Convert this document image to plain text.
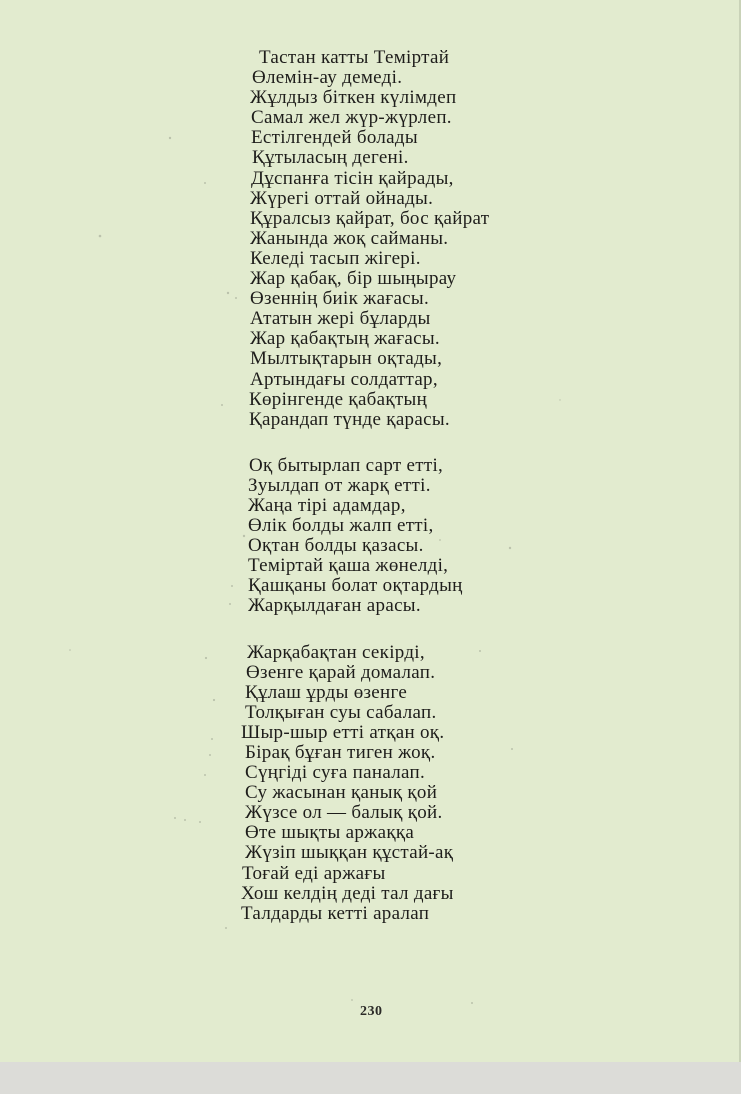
Тастан катты Теміртай
Өлемін-ау демеді.
Жұлдыз біткен күлімдеп
Самал жел жүр-жүрлеп.
Естілгендей болады
Құтыласың дегені.
Дұспанға тісін қайрады,
Жүрегі оттай ойнады.
Құралсыз қайрат, бос қайрат
Жанында жоқ сайманы.
Келеді тасып жігері.
Жар қабақ, бір шыңырау
Өзеннің биік жағасы.
Ататын жері бұларды
Жар қабақтың жағасы.
Мылтықтарын оқтады,
Артындағы солдаттар,
Көрінгенде қабақтың
Қарандап түнде қарасы.
Оқ бытырлап сарт етті,
Зуылдап от жарқ етті.
Жаңа тірі адамдар,
Өлік болды жалп етті,
Оқтан болды қазасы.
Теміртай қаша жөнелді,
Қашқаны болат оқтардың
Жарқылдаған арасы.
Жарқабақтан секірді,
Өзенге қарай домалап.
Құлаш ұрды өзенге
Толқыған суы сабалап.
Шыр-шыр етті атқан оқ.
Бірақ бұған тиген жоқ.
Сүңгіді суға паналап.
Су жасынан қанық қой
Жүзсе ол — балық қой.
Өте шықты аржаққа
Жүзіп шыққан құстай-ақ
Тоғай еді аржағы
Хош келдің деді тал дағы
Талдарды кетті аралап
230
